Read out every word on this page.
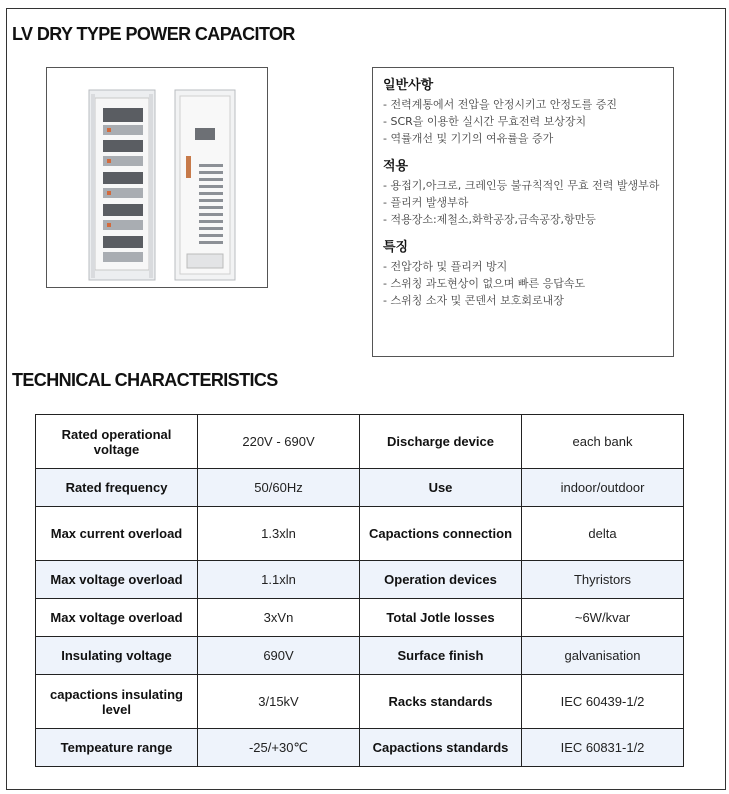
LV DRY TYPE POWER CAPACITOR
일반사항
- 전력계통에서 전압을 안정시키고 안정도를 증진
- SCR을 이용한 실시간 무효전력 보상장치
- 역률개선 및 기기의 여유률을 증가
적용
- 용접기,아크로, 크레인등 불규칙적인 무효 전력 발생부하
- 플리커 발생부하
- 적용장소:제철소,화학공장,금속공장,항만등
특징
- 전압강하 및 플리커 방지
- 스위칭 과도현상이 없으며 빠른 응답속도
- 스위칭 소자 및 콘덴서 보호회로내장
TECHNICAL CHARACTERISTICS
Rated operational voltage	220V - 690V	Discharge device	each bank
Rated frequency	50/60Hz	Use	indoor/outdoor
Max current overload	1.3xln	Capactions connection	delta
Max voltage overload	1.1xln	Operation devices	Thyristors
Max voltage overload	3xVn	Total Jotle losses	~6W/kvar
Insulating voltage	690V	Surface finish	galvanisation
capactions insulating level	3/15kV	Racks standards	IEC 60439-1/2
Tempeature range	-25/+30℃	Capactions standards	IEC 60831-1/2
